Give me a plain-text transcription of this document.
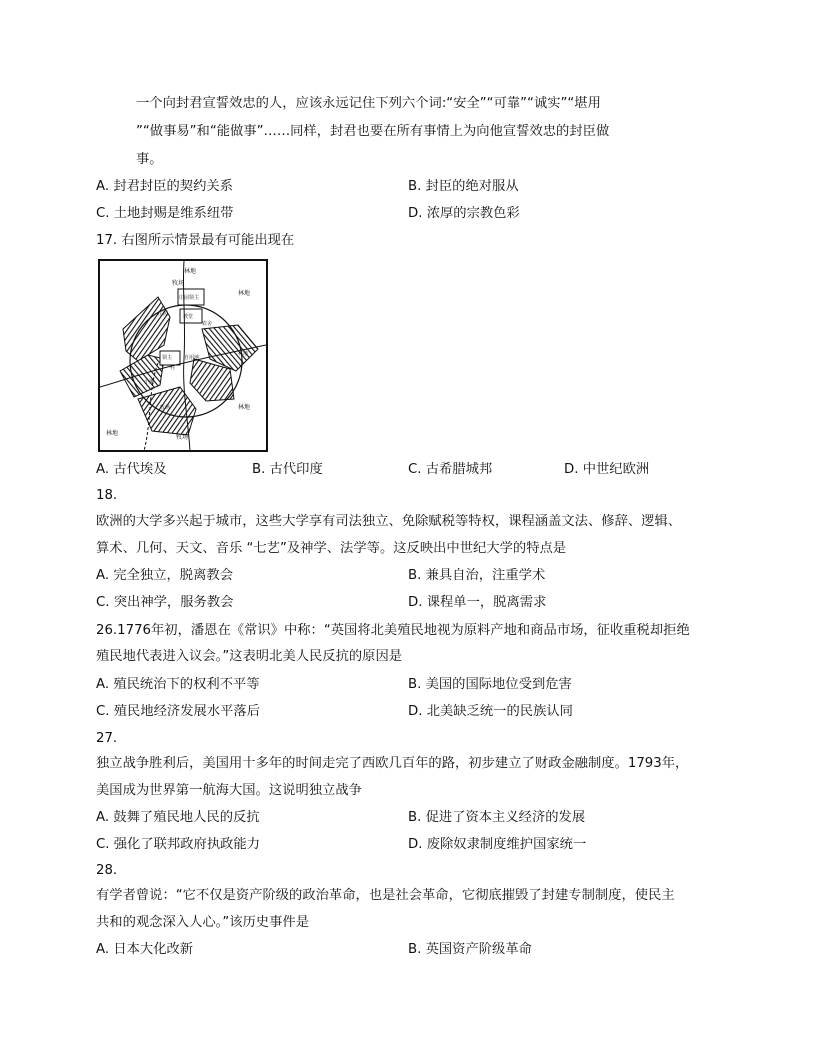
一个向封君宣誓效忠的人，应该永远记住下列六个词:“安全”“可靠”“诚实”“堪用
”“做事易”和“能做事”……同样，封君也要在所有事情上为向他宣誓效忠的封臣做
事。
A. 封君封臣的契约关系	B. 封臣的绝对服从
C. 土地封赐是维系纽带	D. 浓厚的宗教色彩
17. 右图所示情景最有可能出现在
林地
林地
林地
林地
牧场
牧场
庄园领主
庄园	教堂
农舍
领主 自用地
村
小溪
牧场
林地
A. 古代埃及	B. 古代印度	C. 古希腊城邦	D. 中世纪欧洲
18.
欧洲的大学多兴起于城市，这些大学享有司法独立、免除赋税等特权，课程涵盖文法、修辞、逻辑、
算术、几何、天文、音乐 “七艺”及神学、法学等。这反映出中世纪大学的特点是
A. 完全独立，脱离教会	B. 兼具自治，注重学术
C. 突出神学，服务教会	D. 课程单一，脱离需求
26.1776年初，潘恩在《常识》中称：“英国将北美殖民地视为原料产地和商品市场，征收重税却拒绝
殖民地代表进入议会。”这表明北美人民反抗的原因是
A. 殖民统治下的权利不平等	B. 美国的国际地位受到危害
C. 殖民地经济发展水平落后	D. 北美缺乏统一的民族认同
27.
独立战争胜利后，美国用十多年的时间走完了西欧几百年的路，初步建立了财政金融制度。1793年，
美国成为世界第一航海大国。这说明独立战争
A. 鼓舞了殖民地人民的反抗	B. 促进了资本主义经济的发展
C. 强化了联邦政府执政能力	D. 废除奴隶制度维护国家统一
28.
有学者曾说：“它不仅是资产阶级的政治革命，也是社会革命，它彻底摧毁了封建专制制度，使民主
共和的观念深入人心。”该历史事件是
A. 日本大化改新	B. 英国资产阶级革命
